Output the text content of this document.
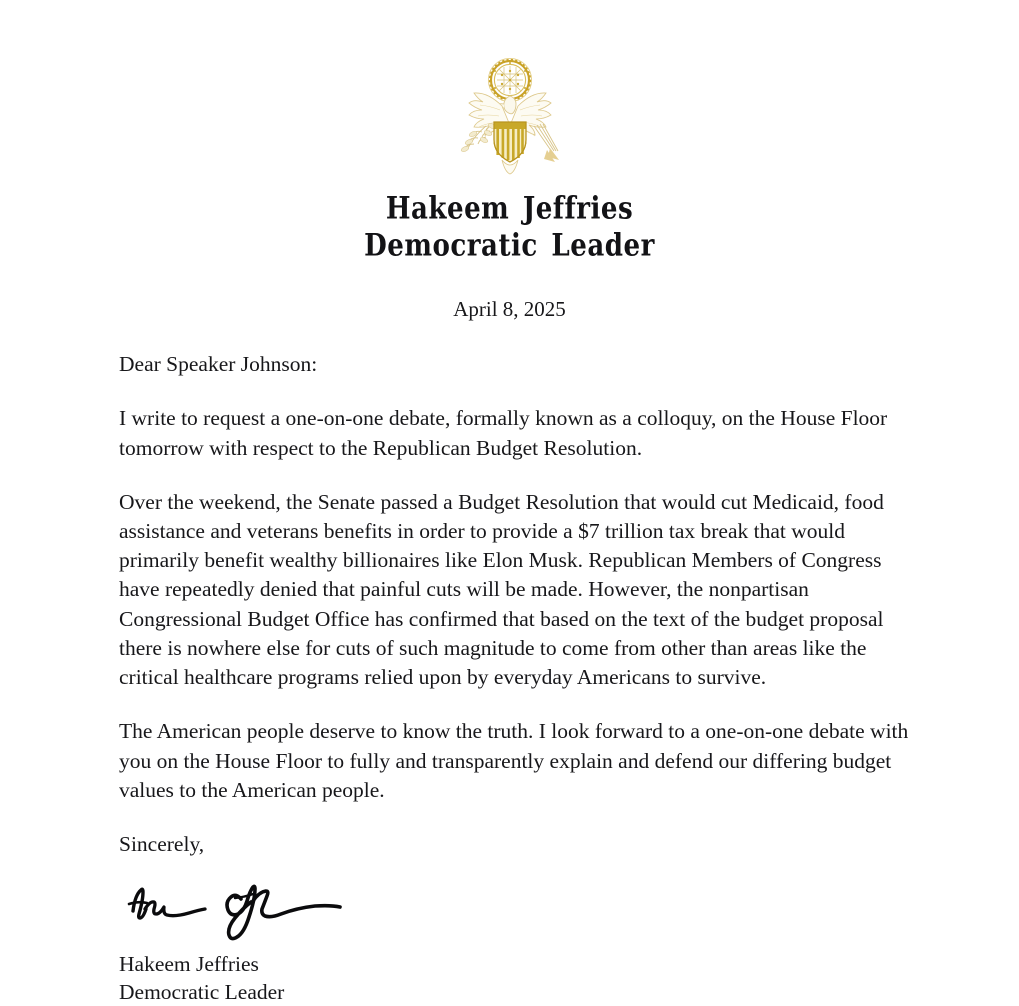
Hakeem Jeffries
Democratic Leader
April 8, 2025

Dear Speaker Johnson:

I write to request a one-on-one debate, formally known as a colloquy, on the House Floor tomorrow with respect to the Republican Budget Resolution.

Over the weekend, the Senate passed a Budget Resolution that would cut Medicaid, food assistance and veterans benefits in order to provide a $7 trillion tax break that would primarily benefit wealthy billionaires like Elon Musk. Republican Members of Congress have repeatedly denied that painful cuts will be made. However, the nonpartisan Congressional Budget Office has confirmed that based on the text of the budget proposal there is nowhere else for cuts of such magnitude to come from other than areas like the critical healthcare programs relied upon by everyday Americans to survive.

The American people deserve to know the truth. I look forward to a one-on-one debate with you on the House Floor to fully and transparently explain and defend our differing budget values to the American people.

Sincerely,

Hakeem Jeffries
Democratic Leader
